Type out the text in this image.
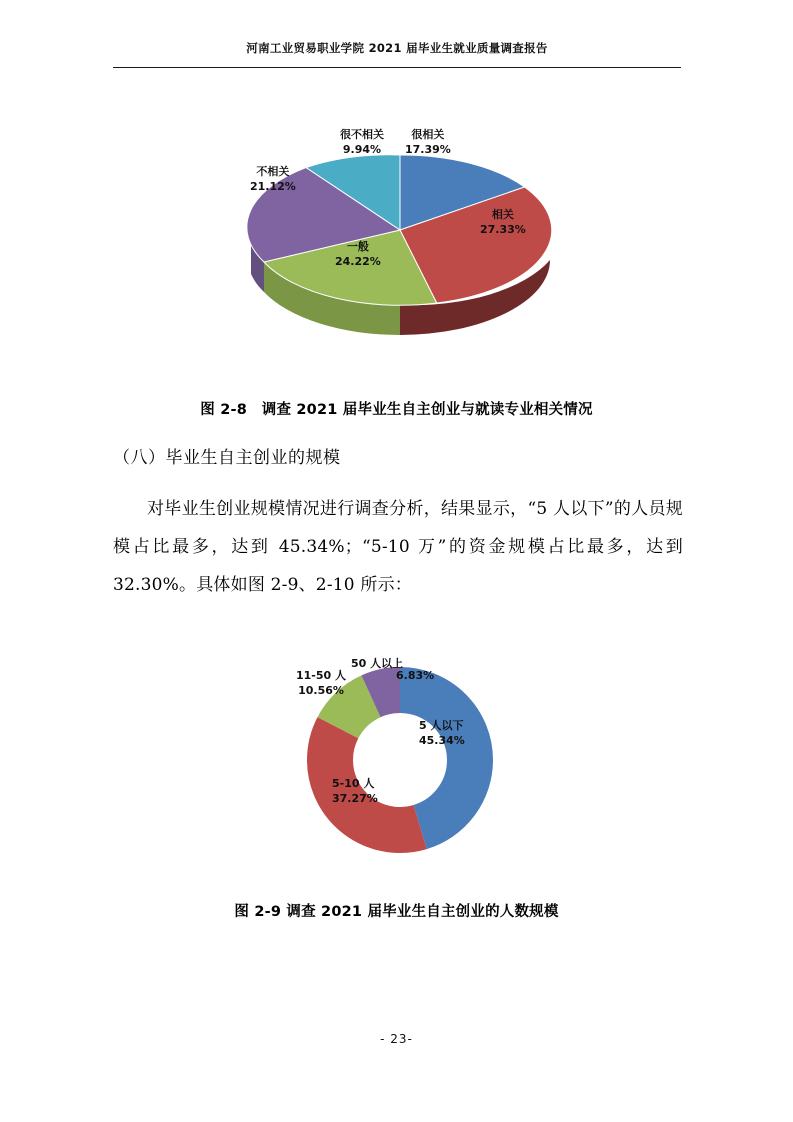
河南工业贸易职业学院 2021 届毕业生就业质量调查报告
很相关
17.39%
相关
27.33%
一般
24.22%
不相关
21.12%
很不相关
9.94%
图 2-8　调查 2021 届毕业生自主创业与就读专业相关情况
（八）毕业生自主创业的规模
对毕业生创业规模情况进行调查分析，结果显示，“5 人以下”的人员规模占比最多，达到 45.34%；“5-10 万”的资金规模占比最多，达到 32.30%。具体如图 2-9、2-10 所示：
50 人以上
6.83%
11-50 人
10.56%
5 人以下
45.34%
5-10 人
37.27%
图 2-9 调查 2021 届毕业生自主创业的人数规模
- 23-
